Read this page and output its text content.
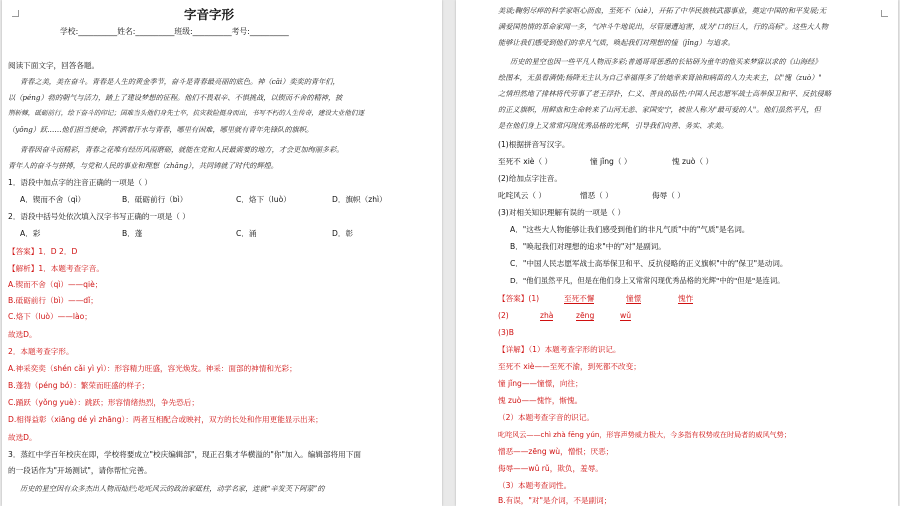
字音字形
学校:__________姓名:__________班级:__________考号:__________
阅读下面文字，回答各题。
青春之美，美在奋斗。青春是人生的黄金季节，奋斗是青春最亮丽的底色。神（cǎi）奕奕的青年们，
以（péng）勃的朝气与活力，踏上了建设梦想的征程。他们不畏艰辛、不惧挑战，以锲而不舍的精神，披
荆斩棘，砥砺前行，绘下奋斗的印记；国难当头他们身先士卒，抗灾救险挺身而出，书写不朽的人生传奇，建设大业他们逐
（yǒng）跃……他们担当使命，挥洒着汗水与青春，哪里有困难，哪里就有青年先锋队的旗帜。
青春因奋斗而精彩，青春之花唯有经历风雨磨砺，就能在党和人民最需要的地方，才会更加绚丽多彩。
青年人的奋斗与拼搏，与党和人民的事业和理想（zhǎng），共同铸就了时代的辉煌。
1．语段中加点字的注音正确的一项是（ ）
A．锲而不舍（qì）	B．砥砺前行（bì）	C．烙下（luò）	D．旗帜（zhì）
2．语段中括号处依次填入汉字书写正确的一项是（ ）
A．彩	B．蓬	C．涌	D．彰
【答案】1．D 2．D
【解析】1．本题考查字音。
A.锲而不舍（qì）——qiè；
B.砥砺前行（bì）——dǐ；
C.烙下（luò）——lào；
故选D。
2．本题考查字形。
A.神采奕奕（shén cǎi yì yì）：形容精力旺盛，容光焕发。神采：面部的神情和光彩；
B.蓬勃（péng bó）：繁荣而旺盛的样子；
C.踊跃（yǒng yuè）：跳跃；形容情绪热烈，争先恐后；
D.相得益彰（xiāng dé yì zhāng）：两者互相配合或映衬，双方的长处和作用更能显示出来；
故选D。
3．蒸红中学百年校庆在即，学校将要成立"校庆编辑部"，现正召集才华横溢的"你"加入。编辑部将用下面
的一段话作为"开场测试"，请你帮忙完善。
历史的星空因有众多杰出人物而灿烂;吃吒风云的政治家砥柱，动学名家，连就“辛发芙下阿蒙”的
美谈;鞠躬尽瘁的科学家呕心沥血，至死不（xiè），开拓了中华民族核武器事业，奠定中国的和平发展;无
满爱国热情的革命家闻一多，气冲斗牛地说出，尽管屡遭迫害，成为"口的巨人，行的高标"。这些大人物
能够让我们感受到他们的非凡气质，唤起我们对理想的憧（jǐng）与追求。
历史的星空也因一些平凡人物而多彩;普通哥哥惩悉的长钻研为童年的他买来梦寐以求的《山海经》
绘图本，无虽看满情;杨降无主认为自己幸福得多了给她幸来肾油和病苗的人力夫来主，以"愧（zuò）"
之情坦然地了排林将代劳事了老王浮扑，仁义、善良的品性;中国人民志愿军战士高举保卫和平、反抗侵略
的正义旗帜，用鲜血和生命转来了山河无恙、家国安宁，被世人称为"最可爱的人"。他们虽然平凡，但
是在他们身上又常常闪现优秀品格的光辉，引导我们向善、务实、求美。
(1)根据拼音写汉字。
至死不 xiè（ ）	憧 jǐng（ ）	愧 zuò（ ）
(2)给加点字注音。
叱咤风云（ ）	憎恶（ ）	侮辱（ ）
(3)对相关知识理解有误的一项是（ ）
A．"这些大人物能够让我们感受到他们的非凡气质"中的"气质"是名词。
B．"唤起我们对理想的追求"中的"对"是副词。
C．"中国人民志愿军战士高举保卫和平、反抗侵略的正义旗帜"中的"保卫"是动词。
D．"他们虽然平凡，但是在他们身上又常常闪现优秀品格的光辉"中的"但是"是连词。
【答案】(1)	至死不懈	憧憬	愧怍
(2)	zhà	zēng	wǔ
(3)B
【详解】（1）本题考查字形的识记。
至死不 xiè——至死不渝，到死都不改变；
憧 jǐng——憧憬，向往；
愧 zuò——愧怍，惭愧。
（2）本题考查字音的识记。
叱咤风云——chì zhà fēng yún，形容声势威力极大，今多指有权势或在时局者的威风气势；
憎恶——zēng wù，憎恨；厌恶；
侮辱——wǔ rǔ，欺负，羞辱。
（3）本题考查词性。
B.有误，"对"是介词，不是副词；
